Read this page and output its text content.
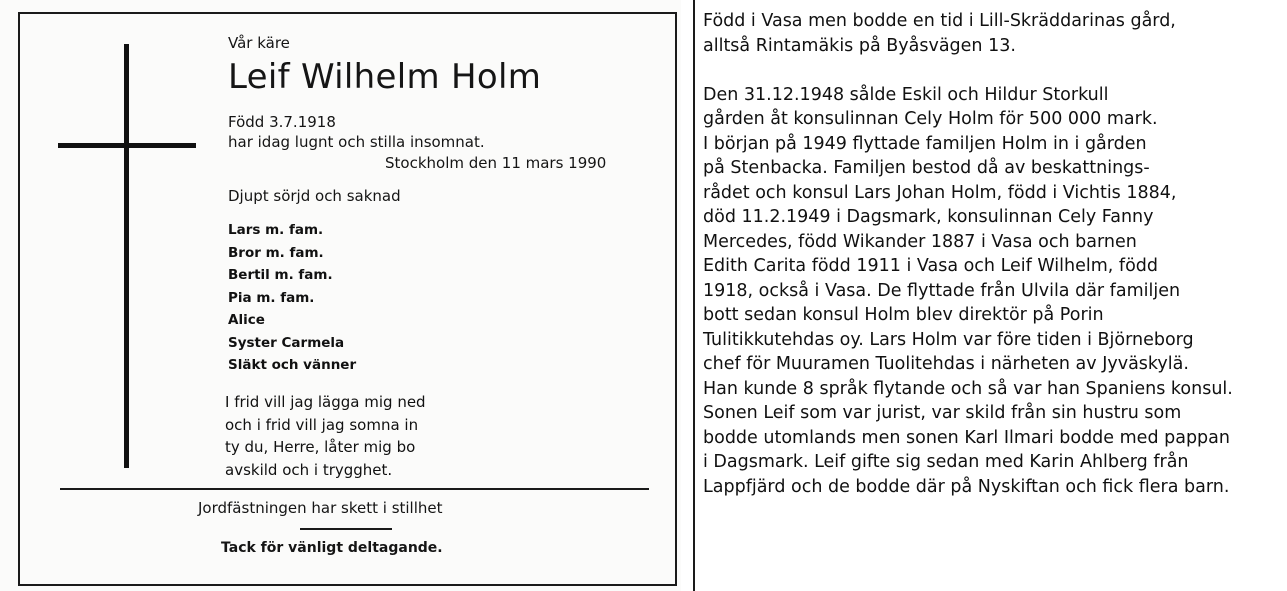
Vår käre

Leif Wilhelm Holm

Född 3.7.1918

har idag lugnt och stilla insomnat.

Stockholm den 11 mars 1990

Djupt sörjd och saknad

Lars m. fam.
Bror m. fam.
Bertil m. fam.
Pia m. fam.
Alice
Syster Carmela
Släkt och vänner
I frid vill jag lägga mig ned
och i frid vill jag somna in
ty du, Herre, låter mig bo
avskild och i trygghet.

Jordfästningen har skett i stillhet

Tack för vänligt deltagande.

Född i Vasa men bodde en tid i Lill-Skräddarinas gård,
alltså Rintamäkis på Byåsvägen 13.
Den 31.12.1948 sålde Eskil och Hildur Storkull
gården åt konsulinnan Cely Holm för 500 000 mark.
I början på 1949 flyttade familjen Holm in i gården
på Stenbacka. Familjen bestod då av beskattnings-
rådet och konsul Lars Johan Holm, född i Vichtis 1884,
död 11.2.1949 i Dagsmark, konsulinnan Cely Fanny
Mercedes, född Wikander 1887 i Vasa och barnen
Edith Carita född 1911 i Vasa och Leif Wilhelm, född
1918, också i Vasa. De flyttade från Ulvila där familjen
bott sedan konsul Holm blev direktör på Porin
Tulitikkutehdas oy. Lars Holm var före tiden i Björneborg
chef för Muuramen Tuolitehdas i närheten av Jyväskylä.
Han kunde 8 språk flytande och så var han Spaniens konsul.
Sonen Leif som var jurist, var skild från sin hustru som
bodde utomlands men sonen Karl Ilmari bodde med pappan
i Dagsmark. Leif gifte sig sedan med Karin Ahlberg från
Lappfjärd och de bodde där på Nyskiftan och fick flera barn.
